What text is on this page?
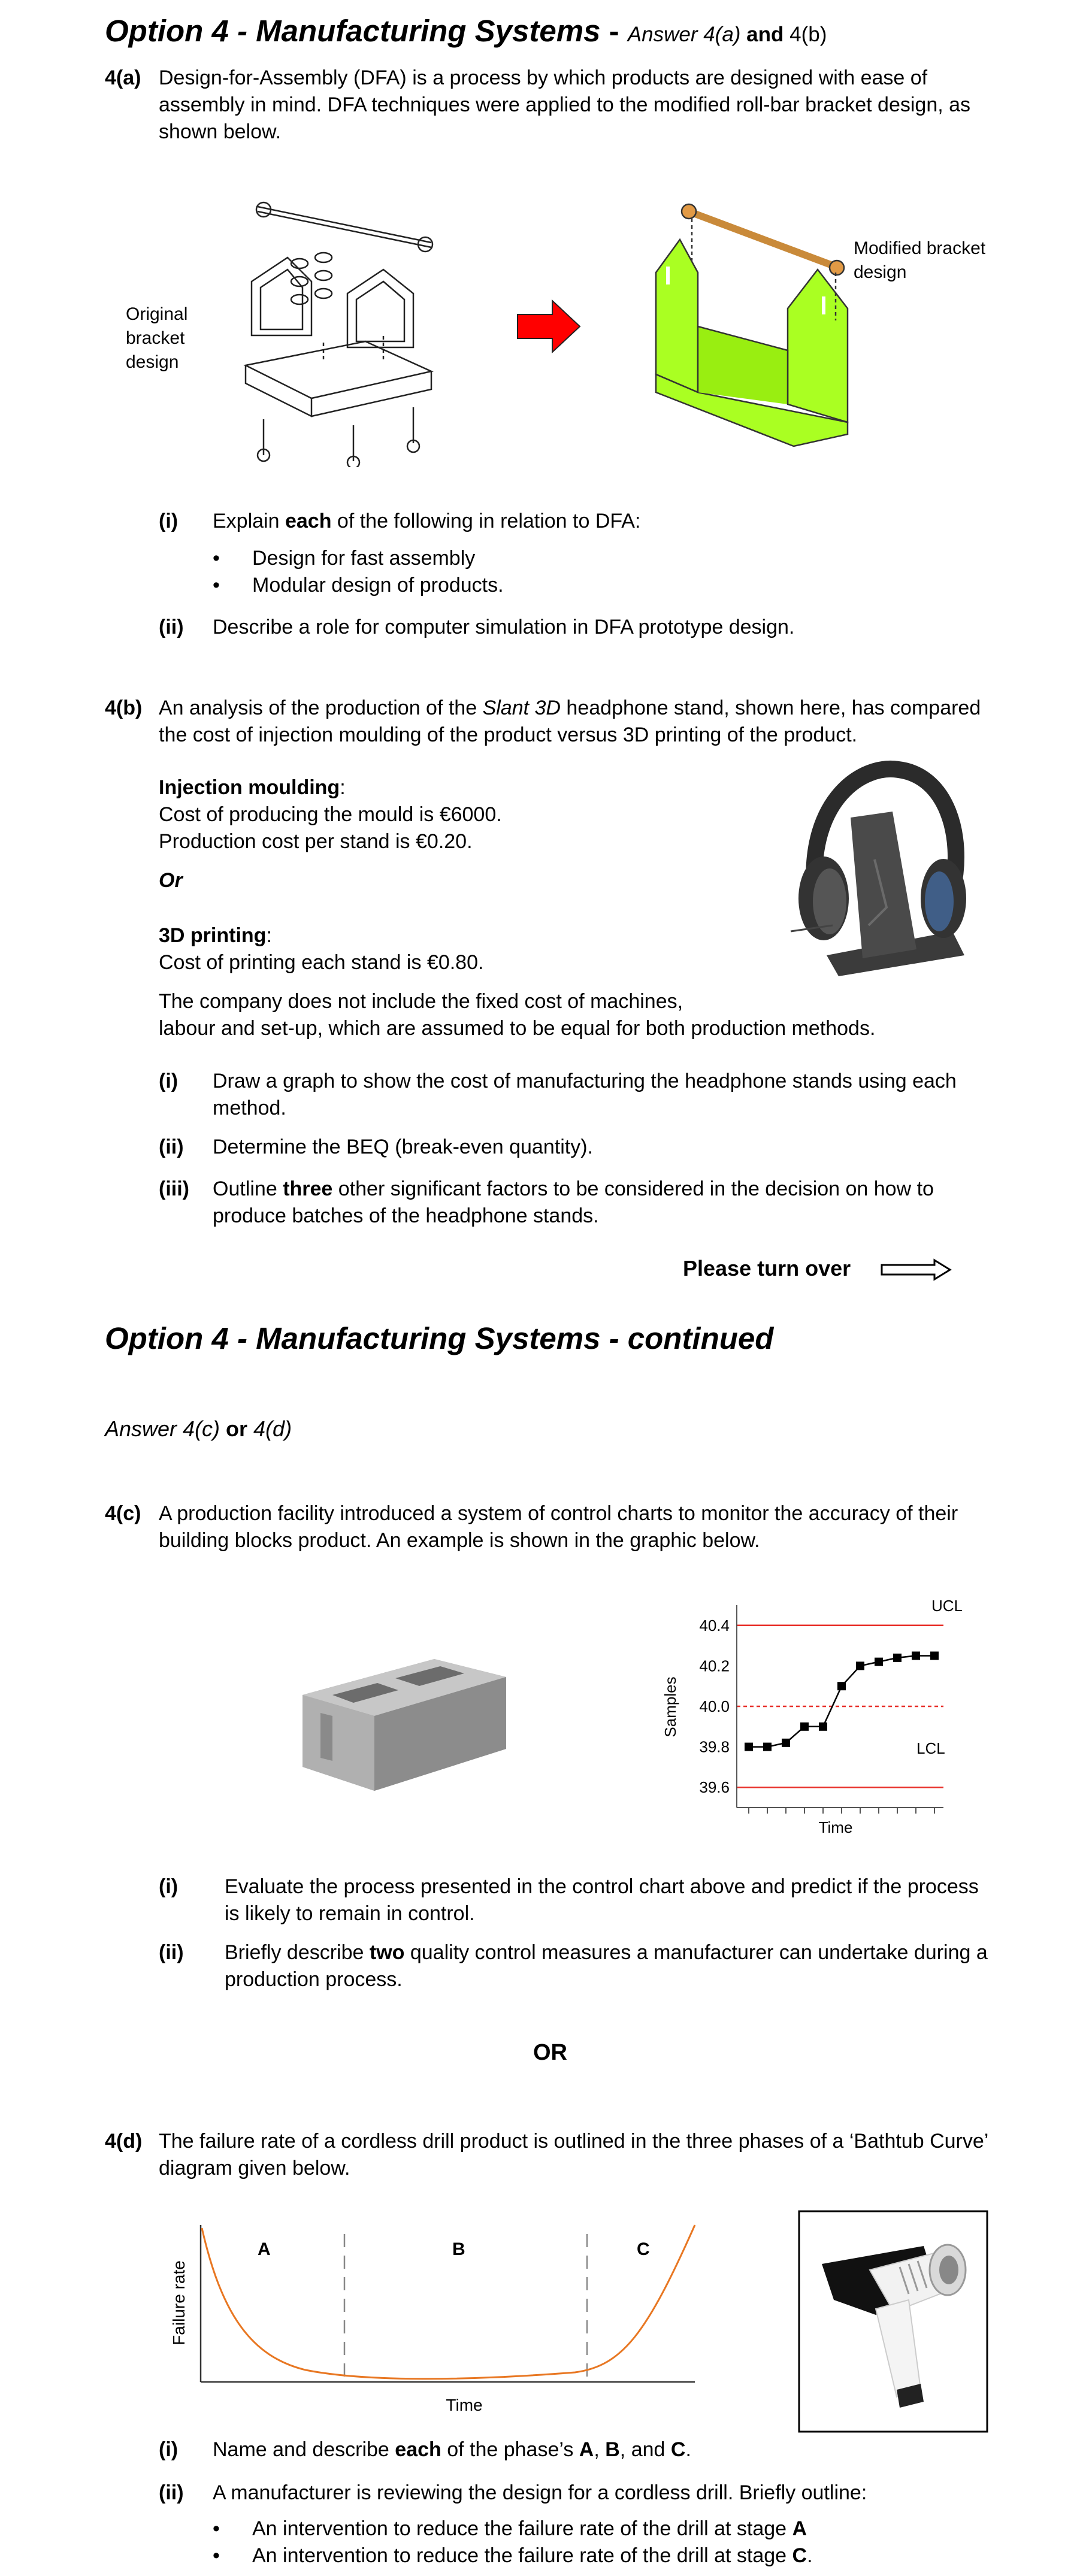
Option 4 - Manufacturing Systems - Answer 4(a) and 4(b)
4(a) Design-for-Assembly (DFA) is a process by which products are designed with ease of assembly in mind. DFA techniques were applied to the modified roll-bar bracket design, as shown below.
Original bracket design
Modified bracket design
(i) Explain each of the following in relation to DFA:
• Design for fast assembly
• Modular design of products.
(ii) Describe a role for computer simulation in DFA prototype design.
4(b) An analysis of the production of the Slant 3D headphone stand, shown here, has compared the cost of injection moulding of the product versus 3D printing of the product.
Injection moulding:
Cost of producing the mould is €6000.
Production cost per stand is €0.20.
Or
3D printing:
Cost of printing each stand is €0.80.
The company does not include the fixed cost of machines,
labour and set-up, which are assumed to be equal for both production methods.
(i) Draw a graph to show the cost of manufacturing the headphone stands using each method.
(ii) Determine the BEQ (break-even quantity).
(iii) Outline three other significant factors to be considered in the decision on how to produce batches of the headphone stands.
Please turn over
Option 4 - Manufacturing Systems - continued
Answer 4(c) or 4(d)
4(c) A production facility introduced a system of control charts to monitor the accuracy of their building blocks product. An example is shown in the graphic below.
UCL
LCL
39.6
39.8
40.0
40.2
40.4
Time
Samples
(i) Evaluate the process presented in the control chart above and predict if the process is likely to remain in control.
(ii) Briefly describe two quality control measures a manufacturer can undertake during a production process.
OR
4(d) The failure rate of a cordless drill product is outlined in the three phases of a ‘Bathtub Curve’ diagram given below.
A	B	C
Time
Failure rate
(i) Name and describe each of the phase’s A, B, and C.
(ii) A manufacturer is reviewing the design for a cordless drill. Briefly outline:
• An intervention to reduce the failure rate of the drill at stage A
• An intervention to reduce the failure rate of the drill at stage C.
